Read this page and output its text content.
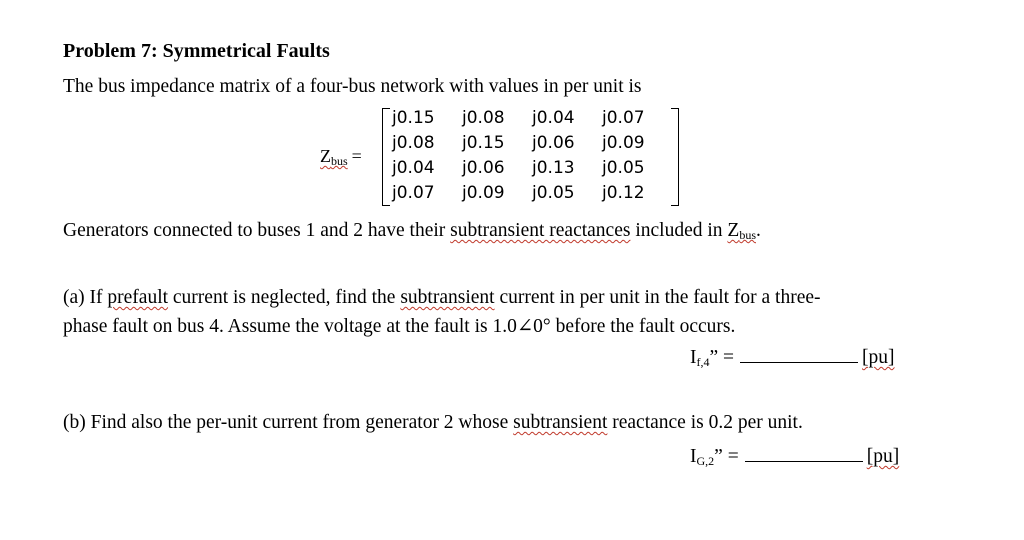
Problem 7: Symmetrical Faults
The bus impedance matrix of a four-bus network with values in per unit is
$Z_{bus}$ =
j0.15	j0.08	j0.04	j0.07
j0.08	j0.15	j0.06	j0.09
j0.04	j0.06	j0.13	j0.05
j0.07	j0.09	j0.05	j0.12
Generators connected to buses 1 and 2 have their subtransient reactances included in $Z_{bus}$.
(a) If prefault current is neglected, find the subtransient current in per unit in the fault for a three-
phase fault on bus 4. Assume the voltage at the fault is 1.0∠0° before the fault occurs.
$I_{f,4}$” =	[pu]
(b) Find also the per-unit current from generator 2 whose subtransient reactance is 0.2 per unit.
$I_{G,2}$” =	[pu]
